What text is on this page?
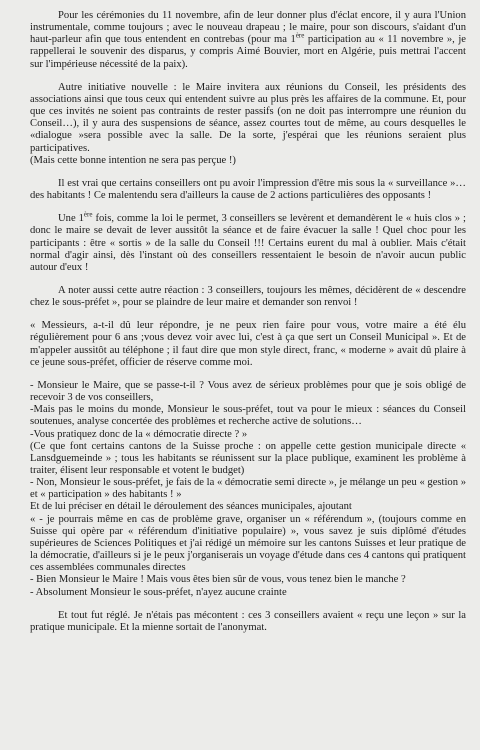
Pour les cérémonies du 11 novembre, afin de leur donner plus d'éclat encore, il y aura l'Union instrumentale, comme toujours ; avec le nouveau drapeau ; le maire, pour son discours, s'aidant d'un haut-parleur afin que tous entendent en contrebas (pour ma 1ère participation au « 11 novembre », je rappellerai le souvenir des disparus, y compris Aimé Bouvier, mort en Algérie, puis mettrai l'accent sur l'impérieuse nécessité de la paix).

Autre initiative nouvelle : le Maire invitera aux réunions du Conseil, les présidents des associations ainsi que tous ceux qui entendent suivre au plus près les affaires de la commune. Et, pour que ces invités ne soient pas contraints de rester passifs (on ne doit pas interrompre une réunion du Conseil…), il y aura des suspensions de séance, assez courtes tout de même, au cours desquelles le «dialogue »sera possible avec la salle. De la sorte, j'espérai que les réunions seraient plus participatives.

(Mais cette bonne intention ne sera pas perçue !)

Il est vrai que certains conseillers ont pu avoir l'impression d'être mis sous la « surveillance »… des habitants ! Ce malentendu sera d'ailleurs la cause de 2 actions particulières des opposants !

Une 1ère fois, comme la loi le permet, 3 conseillers se levèrent et demandèrent le « huis clos » ; donc le maire se devait de lever aussitôt la séance et de faire évacuer la salle ! Quel choc pour les participants : être « sortis » de la salle du Conseil !!! Certains eurent du mal à oublier. Mais c'était normal d'agir ainsi, dès l'instant où des conseillers ressentaient le besoin de n'avoir aucun public autour d'eux !

A noter aussi cette autre réaction : 3 conseillers, toujours les mêmes, décidèrent de « descendre chez le sous-préfet », pour se plaindre de leur maire et demander son renvoi !

« Messieurs, a-t-il dû leur répondre, je ne peux rien faire pour vous, votre maire a été élu régulièrement pour 6 ans ;vous devez voir avec lui, c'est à ça que sert un Conseil Municipal ». Et de m'appeler aussitôt au téléphone ; il faut dire que mon style direct, franc, « moderne » avait dû plaire à ce jeune sous-préfet, officier de réserve comme moi.

- Monsieur le Maire, que se passe-t-il ? Vous avez de sérieux problèmes pour que je sois obligé de recevoir 3 de vos conseillers,

-Mais pas le moins du monde, Monsieur le sous-préfet, tout va pour le mieux : séances du Conseil soutenues, analyse concertée des problèmes et recherche active de solutions…

-Vous pratiquez donc de la « démocratie directe ? »

(Ce que font certains cantons de la Suisse proche : on appelle cette gestion municipale directe « Lansdguemeinde » ; tous les habitants se réunissent sur la place publique, examinent les problème à traiter, élisent leur responsable et votent le budget)

- Non, Monsieur le sous-préfet, je fais de la « démocratie semi directe », je mélange un peu « gestion » et « participation » des habitants ! »

Et de lui préciser en détail le déroulement des séances municipales, ajoutant

« - je pourrais même en cas de problème grave, organiser un « référendum », (toujours comme en Suisse qui opère par « référendum d'initiative populaire) », vous savez je suis diplômé d'études supérieures de Sciences Politiques et j'ai rédigé un mémoire sur les cantons Suisses et leur pratique de la démocratie, d'ailleurs si je le peux j'organiserais un voyage d'étude dans ces 4 cantons qui pratiquent ces assemblées communales directes

- Bien Monsieur le Maire ! Mais vous êtes bien sûr de vous, vous tenez bien le manche ?

- Absolument Monsieur le sous-préfet, n'ayez aucune crainte

Et tout fut réglé. Je n'étais pas mécontent : ces 3 conseillers avaient « reçu une leçon » sur la pratique municipale. Et la mienne sortait de l'anonymat.
